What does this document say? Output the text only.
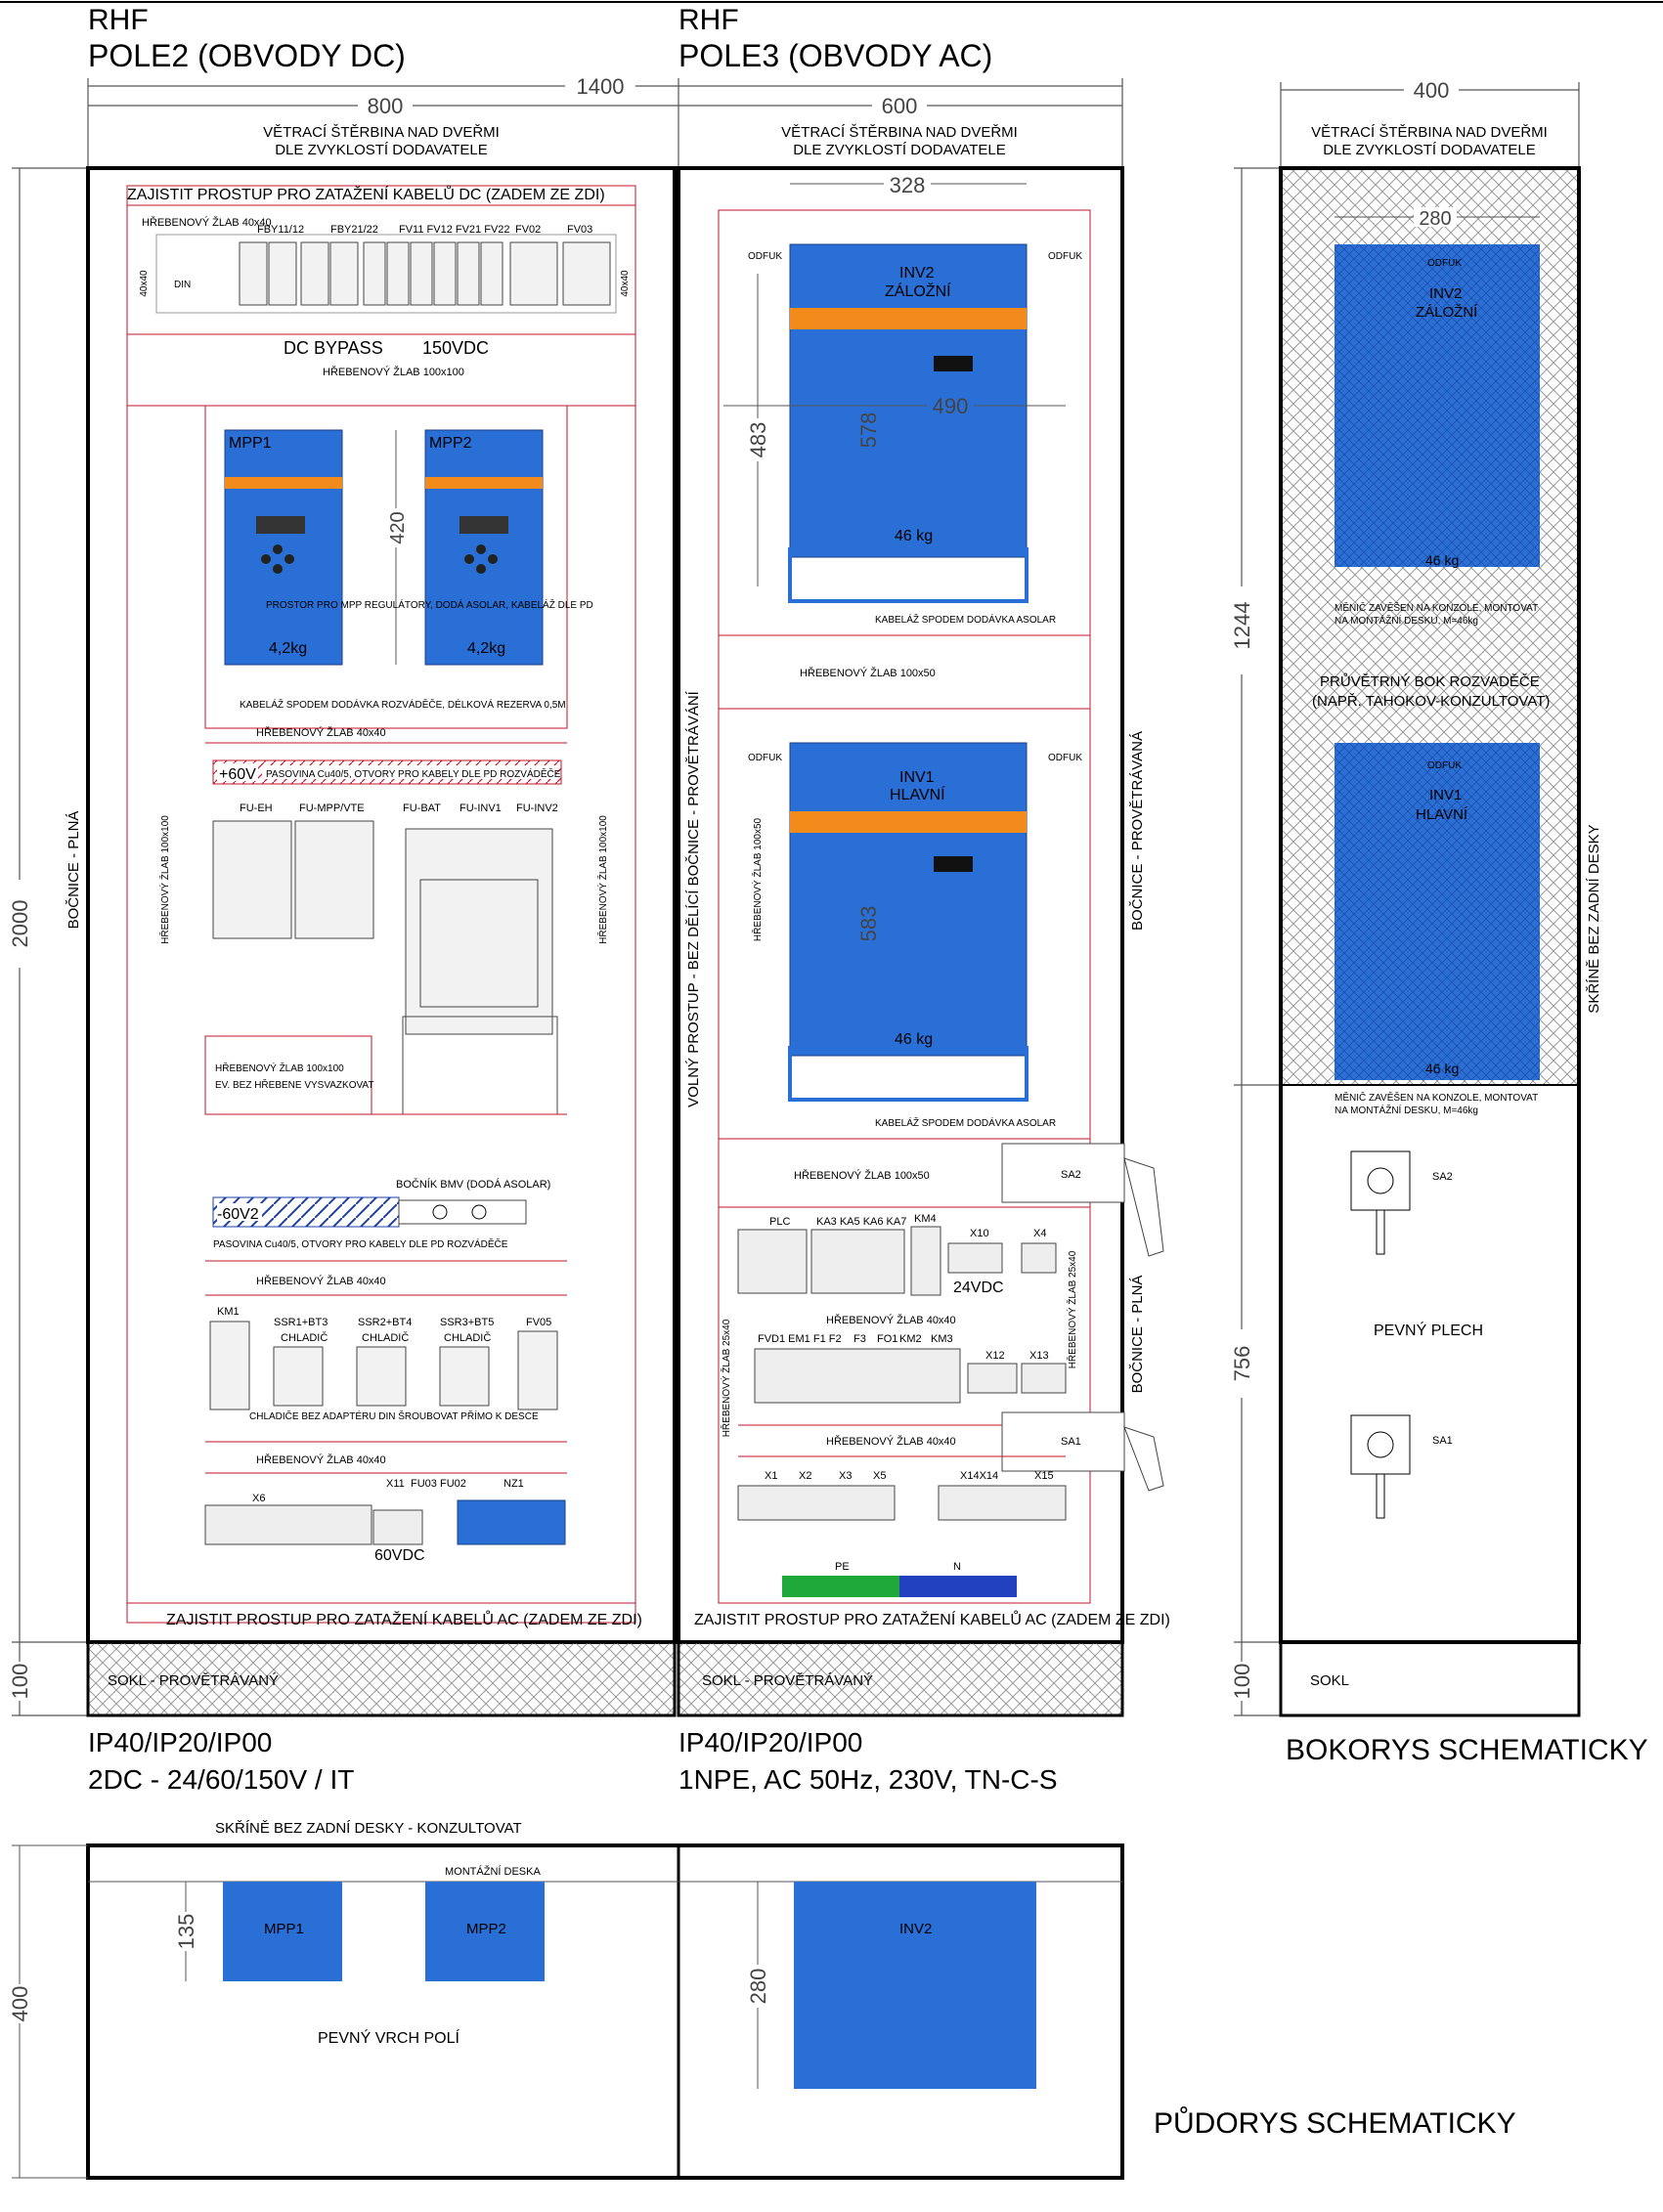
RHF
POLE2 (OBVODY DC)
RHF
POLE3 (OBVODY AC)
1400
800	600
400
2000
100
1244
756
100
VĚTRACÍ ŠTĚRBINA NAD DVEŘMI
DLE ZVYKLOSTÍ DODAVATELE
VĚTRACÍ ŠTĚRBINA NAD DVEŘMI
DLE ZVYKLOSTÍ DODAVATELE
VĚTRACÍ ŠTĚRBINA NAD DVEŘMI
DLE ZVYKLOSTÍ DODAVATELE
ZAJISTIT PROSTUP PRO ZATAŽENÍ KABELŮ DC (ZADEM ZE ZDI)
HŘEBENOVÝ ŽLAB 40x40
FBY11/12 FBY21/22 FV11 FV12 FV21 FV22 FV02 FV03
40x40	40x40
DIN
DC BYPASS 150VDC
HŘEBENOVÝ ŽLAB 100x100
MPP1	MPP2
4,2kg	4,2kg
420
PROSTOR PRO MPP REGULÁTORY, DODÁ ASOLAR, KABELÁŽ DLE PD
KABELÁŽ SPODEM DODÁVKA ROZVÁDĚČE, DÉLKOVÁ REZERVA 0,5M
HŘEBENOVÝ ŽLAB 40x40
+60V PASOVINA Cu40/5, OTVORY PRO KABELY DLE PD ROZVÁDĚČE
FU-EH FU-MPP/VTE	FU-BAT FU-INV1 FU-INV2
HŘEBENOVÝ ŽLAB 100x100	HŘEBENOVÝ ŽLAB 100x100
HŘEBENOVÝ ŽLAB 100x100
EV. BEZ HŘEBENE VYSVAZKOVAT
BOČNÍK BMV (DODÁ ASOLAR)
-60V2
PASOVINA Cu40/5, OTVORY PRO KABELY DLE PD ROZVÁDĚČE
HŘEBENOVÝ ŽLAB 40x40
KM1
SSR1+BT3	SSR2+BT4	SSR3+BT5	FV05
CHLADIČ	CHLADIČ	CHLADIČ
CHLADIČE BEZ ADAPTÉRU DIN ŠROUBOVAT PŘÍMO K DESCE
HŘEBENOVÝ ŽLAB 40x40
X6
X11 FU03 FU02	NZ1
60VDC
ZAJISTIT PROSTUP PRO ZATAŽENÍ KABELŮ AC (ZADEM ZE ZDI)
SOKL - PROVĚTRÁVANÝ
BOČNICE - PLNÁ
IP40/IP20/IP00
2DC - 24/60/150V / IT
328
INV2
ZÁLOŽNÍ
ODFUK	ODFUK
490
483	578
46 kg
KABELÁŽ SPODEM DODÁVKA ASOLAR
HŘEBENOVÝ ŽLAB 100x50
INV1
HLAVNÍ
ODFUK	ODFUK
583
46 kg
KABELÁŽ SPODEM DODÁVKA ASOLAR
HŘEBENOVÝ ŽLAB 100x50
HŘEBENOVÝ ŽLAB 100x50	SA2
PLC KA3 KA5 KA6 KA7 KM4
X10	X4
24VDC
HŘEBENOVÝ ŽLAB 40x40
FVD1 EM1 F1 F2 F3 FO1 KM2 KM3
X12 X13
HŘEBENOVÝ ŽLAB 25x40
HŘEBENOVÝ ŽLAB 25x40
HŘEBENOVÝ ŽLAB 40x40	SA1
X1 X2	X3 X5	X14X14	X15
PE	N
ZAJISTIT PROSTUP PRO ZATAŽENÍ KABELŮ AC (ZADEM ZE ZDI)
SOKL - PROVĚTRÁVANÝ
VOLNÝ PROSTUP - BEZ DĚLÍCÍ BOČNICE - PROVĚTRÁVÁNÍ	BOČNICE - PROVĚTRÁVANÁ
BOČNICE - PLNÁ
IP40/IP20/IP00
1NPE, AC 50Hz, 230V, TN-C-S
280
ODFUK
INV2
ZÁLOŽNÍ
46 kg
MĚNIČ ZAVĚŠEN NA KONZOLE, MONTOVAT
NA MONTÁŽNÍ DESKU, M=46kg
PRŮVĚTRNÝ BOK ROZVADĚČE
(NAPŘ. TAHOKOV-KONZULTOVAT)
ODFUK
INV1
HLAVNÍ
46 kg
MĚNIČ ZAVĚŠEN NA KONZOLE, MONTOVAT
NA MONTÁŽNÍ DESKU, M=46kg
SA2
PEVNÝ PLECH
SA1
SOKL
SKŘÍNĚ BEZ ZADNÍ DESKY
BOKORYS SCHEMATICKY
SKŘÍNĚ BEZ ZADNÍ DESKY - KONZULTOVAT
MONTÁŽNÍ DESKA
MPP1	MPP2	INV2
400
135
280
PEVNÝ VRCH POLÍ
PŮDORYS SCHEMATICKY
